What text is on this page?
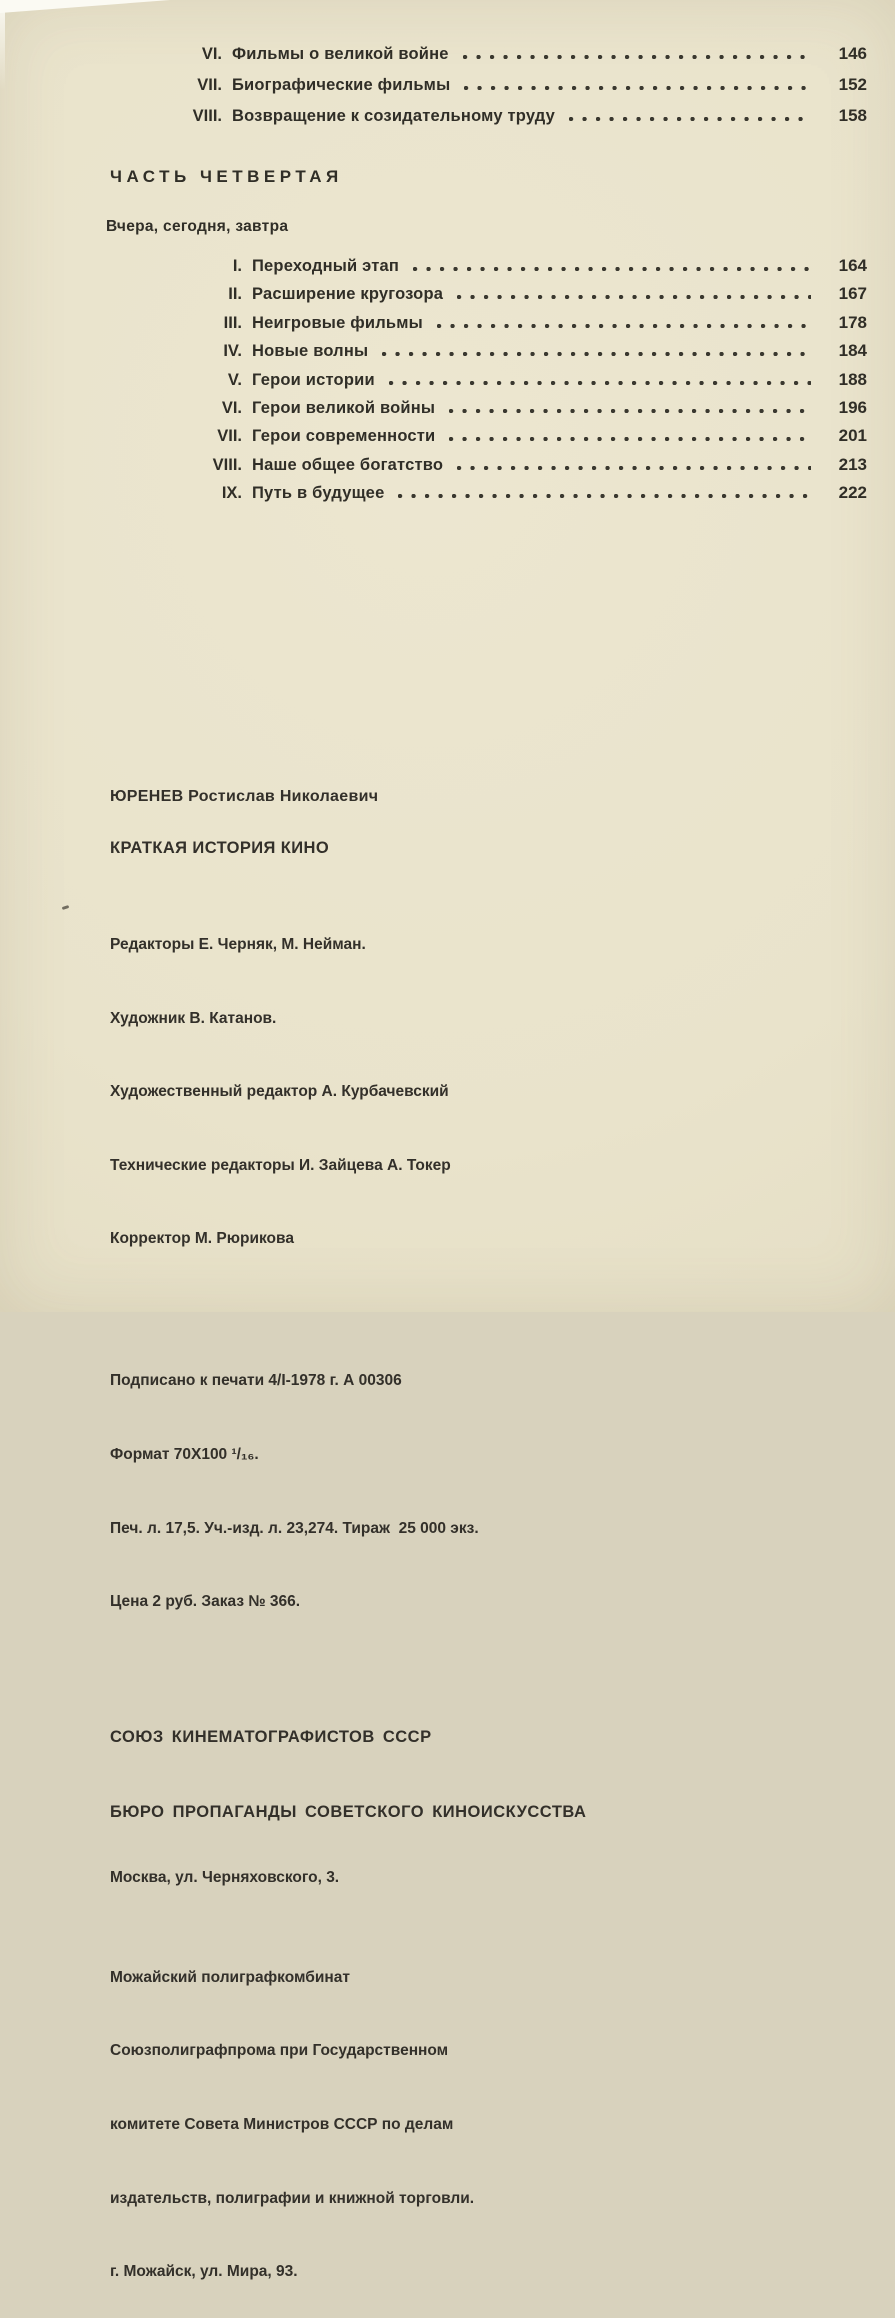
VI. Фильмы о великой войне	146
VII. Биографические фильмы	152
VIII. Возвращение к созидательному труду	158
ЧАСТЬ ЧЕТВЕРТАЯ
Вчера, сегодня, завтра
I. Переходный этап	164
II. Расширение кругозора	167
III. Неигровые фильмы	178
IV. Новые волны	184
V. Герои истории	188
VI. Герои великой войны	196
VII. Герои современности	201
VIII. Наше общее богатство	213
IX. Путь в будущее	222
ЮРЕНЕВ Ростислав Николаевич
КРАТКАЯ ИСТОРИЯ КИНО

Редакторы Е. Черняк, М. Нейман.

Художник В. Катанов.

Художественный редактор А. Курбачевский

Технические редакторы И. Зайцева А. Токер

Корректор М. Рюрикова

Подписано к печати 4/I-1978 г. А 00306

Формат 70Х100 ¹/₁₆.

Печ. л. 17,5. Уч.-изд. л. 23,274. Тираж  25 000 экз.

Цена 2 руб. Заказ № 366.

СОЮЗ КИНЕМАТОГРАФИСТОВ СССР

БЮРО ПРОПАГАНДЫ СОВЕТСКОГО КИНОИСКУССТВА

Москва, ул. Черняховского, 3.

Можайский полиграфкомбинат

Союзполиграфпрома при Государственном

комитете Совета Министров СССР по делам

издательств, полиграфии и книжной торговли.

г. Можайск, ул. Мира, 93.
